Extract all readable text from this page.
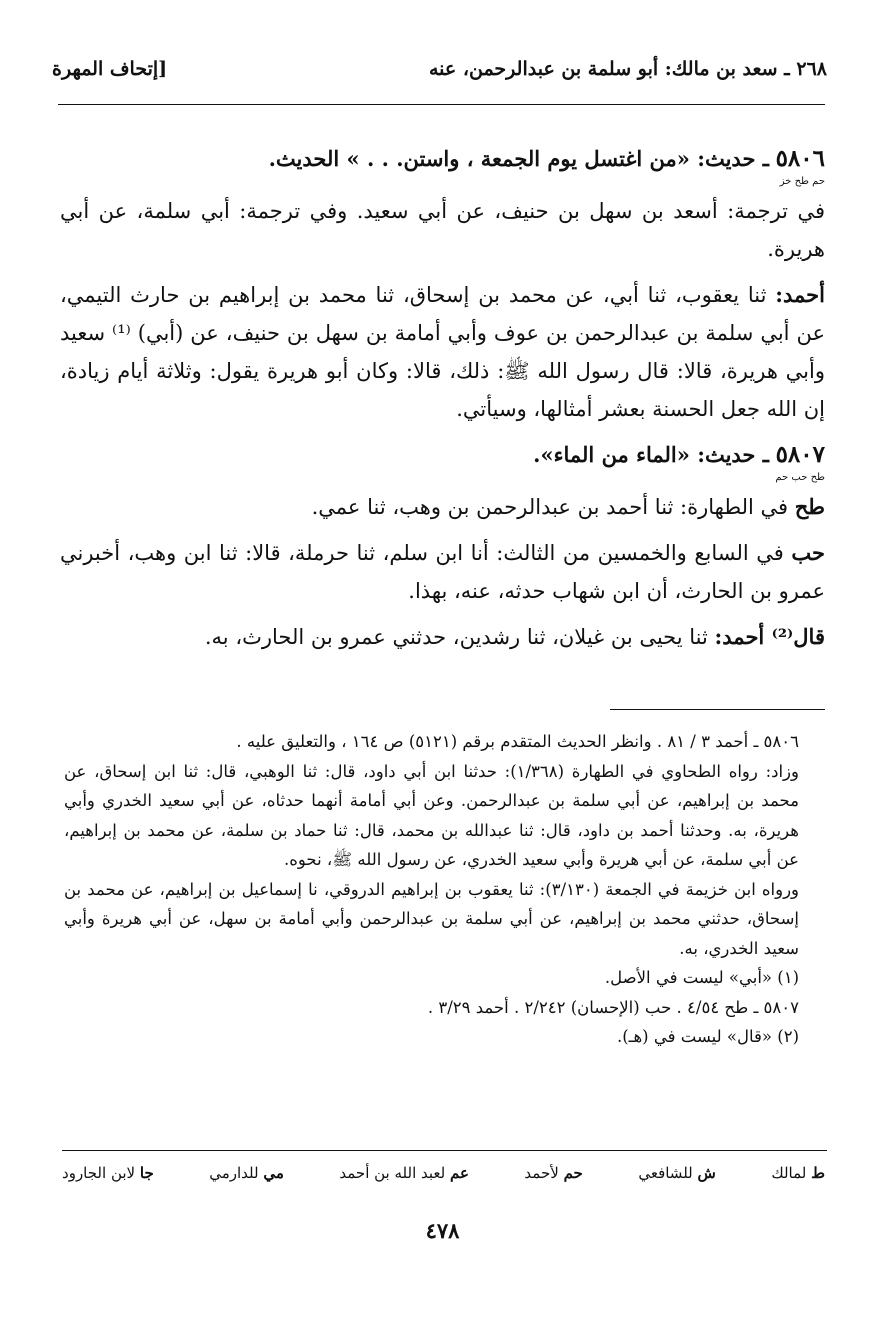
٢٦٨ ـ سعد بن مالك: أبو سلمة بن عبدالرحمن، عنه
[إتحاف المهرة

٥٨٠٦ ـ حديث: «من اغتسل يوم الجمعة ، واستن. . . » الحديث.
حم طح خز

في ترجمة: أسعد بن سهل بن حنيف، عن أبي سعيد. وفي ترجمة: أبي سلمة، عن أبي هريرة.

أحمد: ثنا يعقوب، ثنا أبي، عن محمد بن إسحاق، ثنا محمد بن إبراهيم بن حارث التيمي، عن أبي سلمة بن عبدالرحمن بن عوف وأبي أمامة بن سهل بن حنيف، عن (أبي) ⁽¹⁾ سعيد وأبي هريرة، قالا: قال رسول الله ﷺ: ذلك، قالا: وكان أبو هريرة يقول: وثلاثة أيام زيادة، إن الله جعل الحسنة بعشر أمثالها، وسيأتي.

٥٨٠٧ ـ حديث: «الماء من الماء».
طح حب حم

طح في الطهارة: ثنا أحمد بن عبدالرحمن بن وهب، ثنا عمي.

حب في السابع والخمسين من الثالث: أنا ابن سلم، ثنا حرملة، قالا: ثنا ابن وهب، أخبرني عمرو بن الحارث، أن ابن شهاب حدثه، عنه، بهذا.

قال⁽²⁾ أحمد: ثنا يحيى بن غيلان، ثنا رشدين، حدثني عمرو بن الحارث، به.

٥٨٠٦ ـ أحمد ٣ / ٨١ . وانظر الحديث المتقدم برقم (٥١٢١) ص ١٦٤ ، والتعليق عليه .

وزاد: رواه الطحاوي في الطهارة (١/٣٦٨): حدثنا ابن أبي داود، قال: ثنا الوهبي، قال: ثنا ابن إسحاق، عن محمد بن إبراهيم، عن أبي سلمة بن عبدالرحمن. وعن أبي أمامة أنهما حدثاه، عن أبي سعيد الخدري وأبي هريرة، به. وحدثنا أحمد بن داود، قال: ثنا عبدالله بن محمد، قال: ثنا حماد بن سلمة، عن محمد بن إبراهيم، عن أبي سلمة، عن أبي هريرة وأبي سعيد الخدري، عن رسول الله ﷺ، نحوه.

ورواه ابن خزيمة في الجمعة (٣/١٣٠): ثنا يعقوب بن إبراهيم الدروقي، نا إسماعيل بن إبراهيم، عن محمد بن إسحاق، حدثني محمد بن إبراهيم، عن أبي سلمة بن عبدالرحمن وأبي أمامة بن سهل، عن أبي هريرة وأبي سعيد الخدري، به.

(١) «أبي» ليست في الأصل.

٥٨٠٧ ـ طح ٤/٥٤ . حب (الإحسان) ٢/٢٤٢ . أحمد ٣/٢٩ .

(٢) «قال» ليست في (هـ).

ط لمالك
ش للشافعي
حم لأحمد
عم لعبد الله بن أحمد
مي للدارمي
جا لابن الجارود
٤٧٨
